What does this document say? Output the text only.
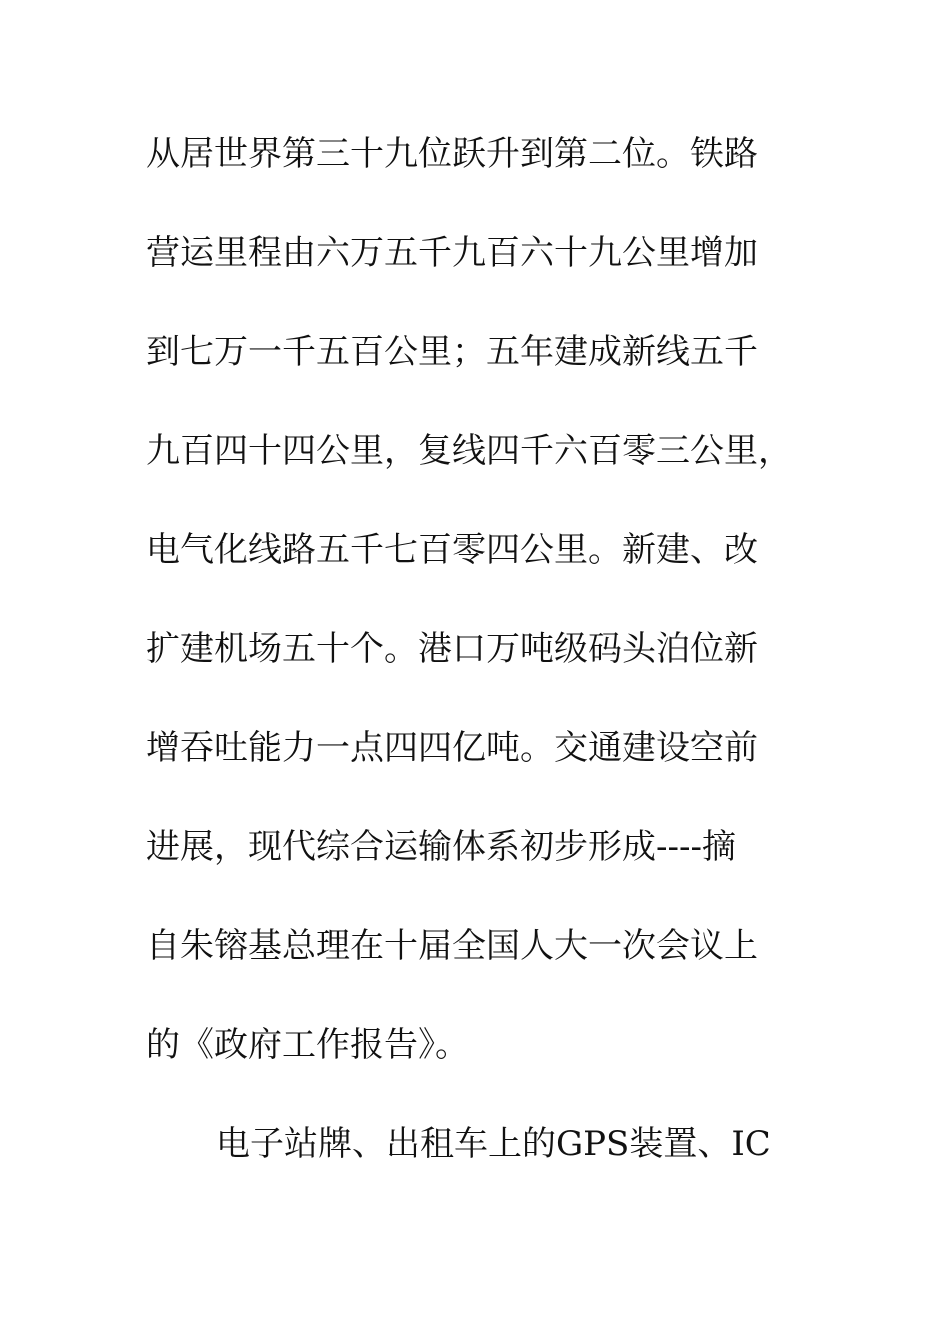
从居世界第三十九位跃升到第二位。铁路
营运里程由六万五千九百六十九公里增加
到七万一千五百公里；五年建成新线五千
九百四十四公里，复线四千六百零三公里，
电气化线路五千七百零四公里。新建、改
扩建机场五十个。港口万吨级码头泊位新
增吞吐能力一点四四亿吨。交通建设空前
进展，现代综合运输体系初步形成----摘
自朱镕基总理在十届全国人大一次会议上
的《政府工作报告》。
电子站牌、出租车上的GPS装置、IC
